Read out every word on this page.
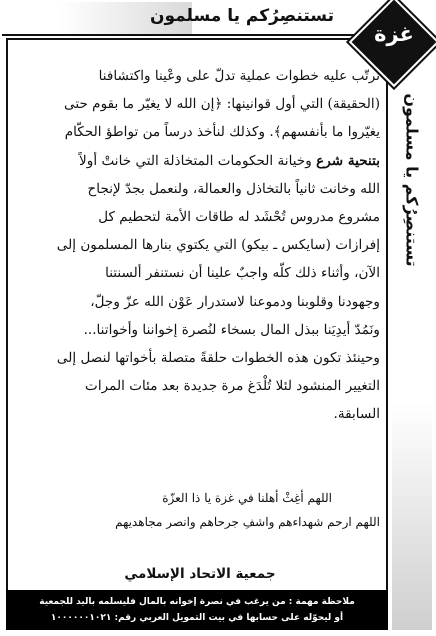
تستنصِرُكم يا مسلمون
تستنصِرُكم يا مسلمون
غزة
نرتّب عليه خطوات عملية تدلّ على وعْينا واكتشافنا
(الحقيقة) التي أول قوانينها: ﴿إن الله لا يغيّر ما بقوم حتى
يغيّروا ما بأنفسهم﴾. وكذلك لنأخذ درساً من تواطؤ الحكّام
بتنحية شرع وخيانة الحكومات المتخاذلة التي خانتْ أولاً
الله وخانت ثانياً بالتخاذل والعمالة، ولنعمل بجدّ لإنجاح
مشروع مدروس تُحْشَد له طاقات الأمة لتحطيم كل
إفرازات (سايكس ـ بيكو) التي يكتوي بنارها المسلمون إلى
الآن، وأثناء ذلك كلّه واجبٌ علينا أن نستنفر ألسنتنا
وجهودنا وقلوبنا ودموعنا لاستدرار عَوْن الله عزّ وجلّ،
ونَمُدّ أيدِيَنا ببذل المال بسخاء لنُصرة إخواننا وأخواتنا...
وحينئذ تكون هذه الخطوات حلقةً متصلة بأخواتها لنصل إلى
التغيير المنشود لئلا تُلْدَغ مرة جديدة بعد مئات المرات
السابقة.
اللهم أغِثْ أهلنا في غزة يا ذا العزّة
اللهم ارحم شهداءهم واشفِ جرحاهم وانصر مجاهديهم
جمعية الاتحاد الإسلامي
ملاحظة مهمة : من يرغب في نصرة إخوانه بالمال فليسلمه باليد للجمعية
أو ليحوّله على حسابها في بيت التمويل العربي رقم: ١٠٠٠٠٠٠١٠٢١
